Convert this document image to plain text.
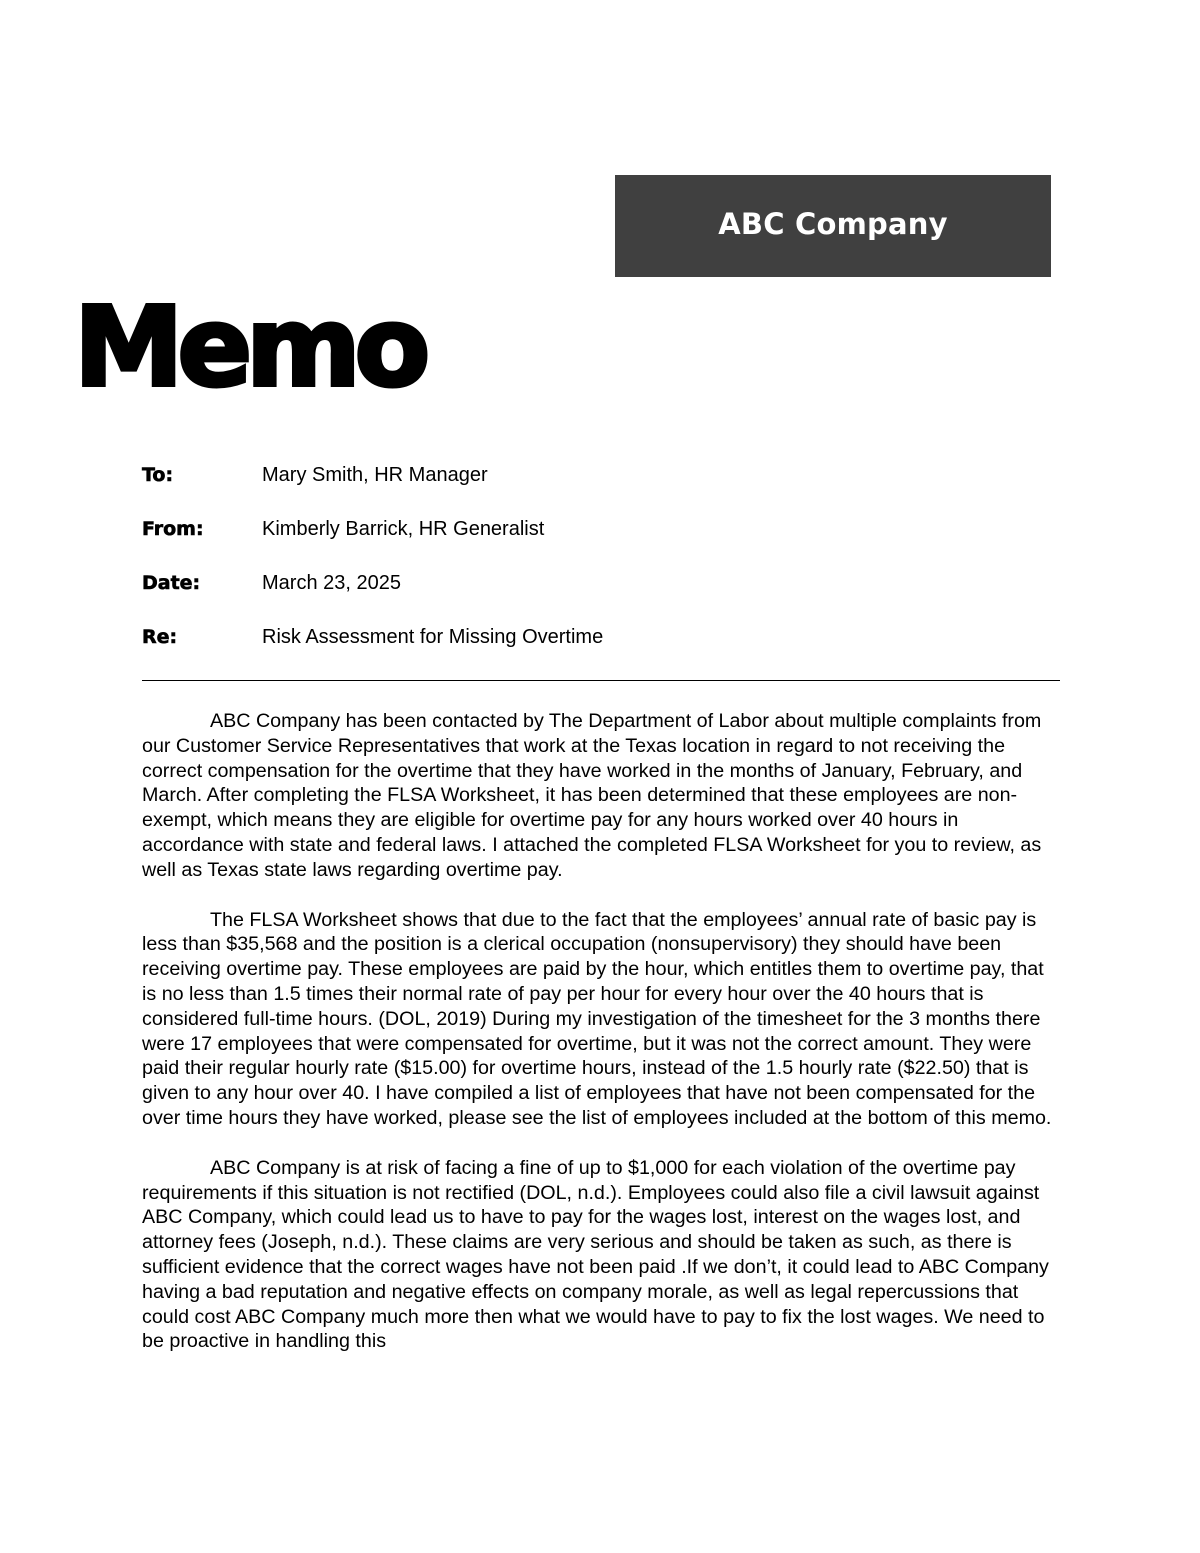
ABC Company
Memo
To:	Mary Smith, HR Manager
From:	Kimberly Barrick, HR Generalist
Date:	March 23, 2025
Re:	Risk Assessment for Missing Overtime

ABC Company has been contacted by The Department of Labor about multiple complaints from our Customer Service Representatives that work at the Texas location in regard to not receiving the correct compensation for the overtime that they have worked in the months of January, February, and March. After completing the FLSA Worksheet, it has been determined that these employees are non-exempt, which means they are eligible for overtime pay for any hours worked over 40 hours in accordance with state and federal laws. I attached the completed FLSA Worksheet for you to review, as well as Texas state laws regarding overtime pay.

The FLSA Worksheet shows that due to the fact that the employees’ annual rate of basic pay is less than $35,568 and the position is a clerical occupation (nonsupervisory) they should have been receiving overtime pay. These employees are paid by the hour, which entitles them to overtime pay, that is no less than 1.5 times their normal rate of pay per hour for every hour over the 40 hours that is considered full-time hours. (DOL, 2019) During my investigation of the timesheet for the 3 months there were 17 employees that were compensated for overtime, but it was not the correct amount. They were paid their regular hourly rate ($15.00) for overtime hours, instead of the 1.5 hourly rate ($22.50) that is given to any hour over 40. I have compiled a list of employees that have not been compensated for the over time hours they have worked, please see the list of employees included at the bottom of this memo.

ABC Company is at risk of facing a fine of up to $1,000 for each violation of the overtime pay requirements if this situation is not rectified (DOL, n.d.). Employees could also file a civil lawsuit against ABC Company, which could lead us to have to pay for the wages lost, interest on the wages lost, and attorney fees (Joseph, n.d.). These claims are very serious and should be taken as such, as there is sufficient evidence that the correct wages have not been paid .If we don’t, it could lead to ABC Company having a bad reputation and negative effects on company morale, as well as legal repercussions that could cost ABC Company much more then what we would have to pay to fix the lost wages. We need to be proactive in handling this
